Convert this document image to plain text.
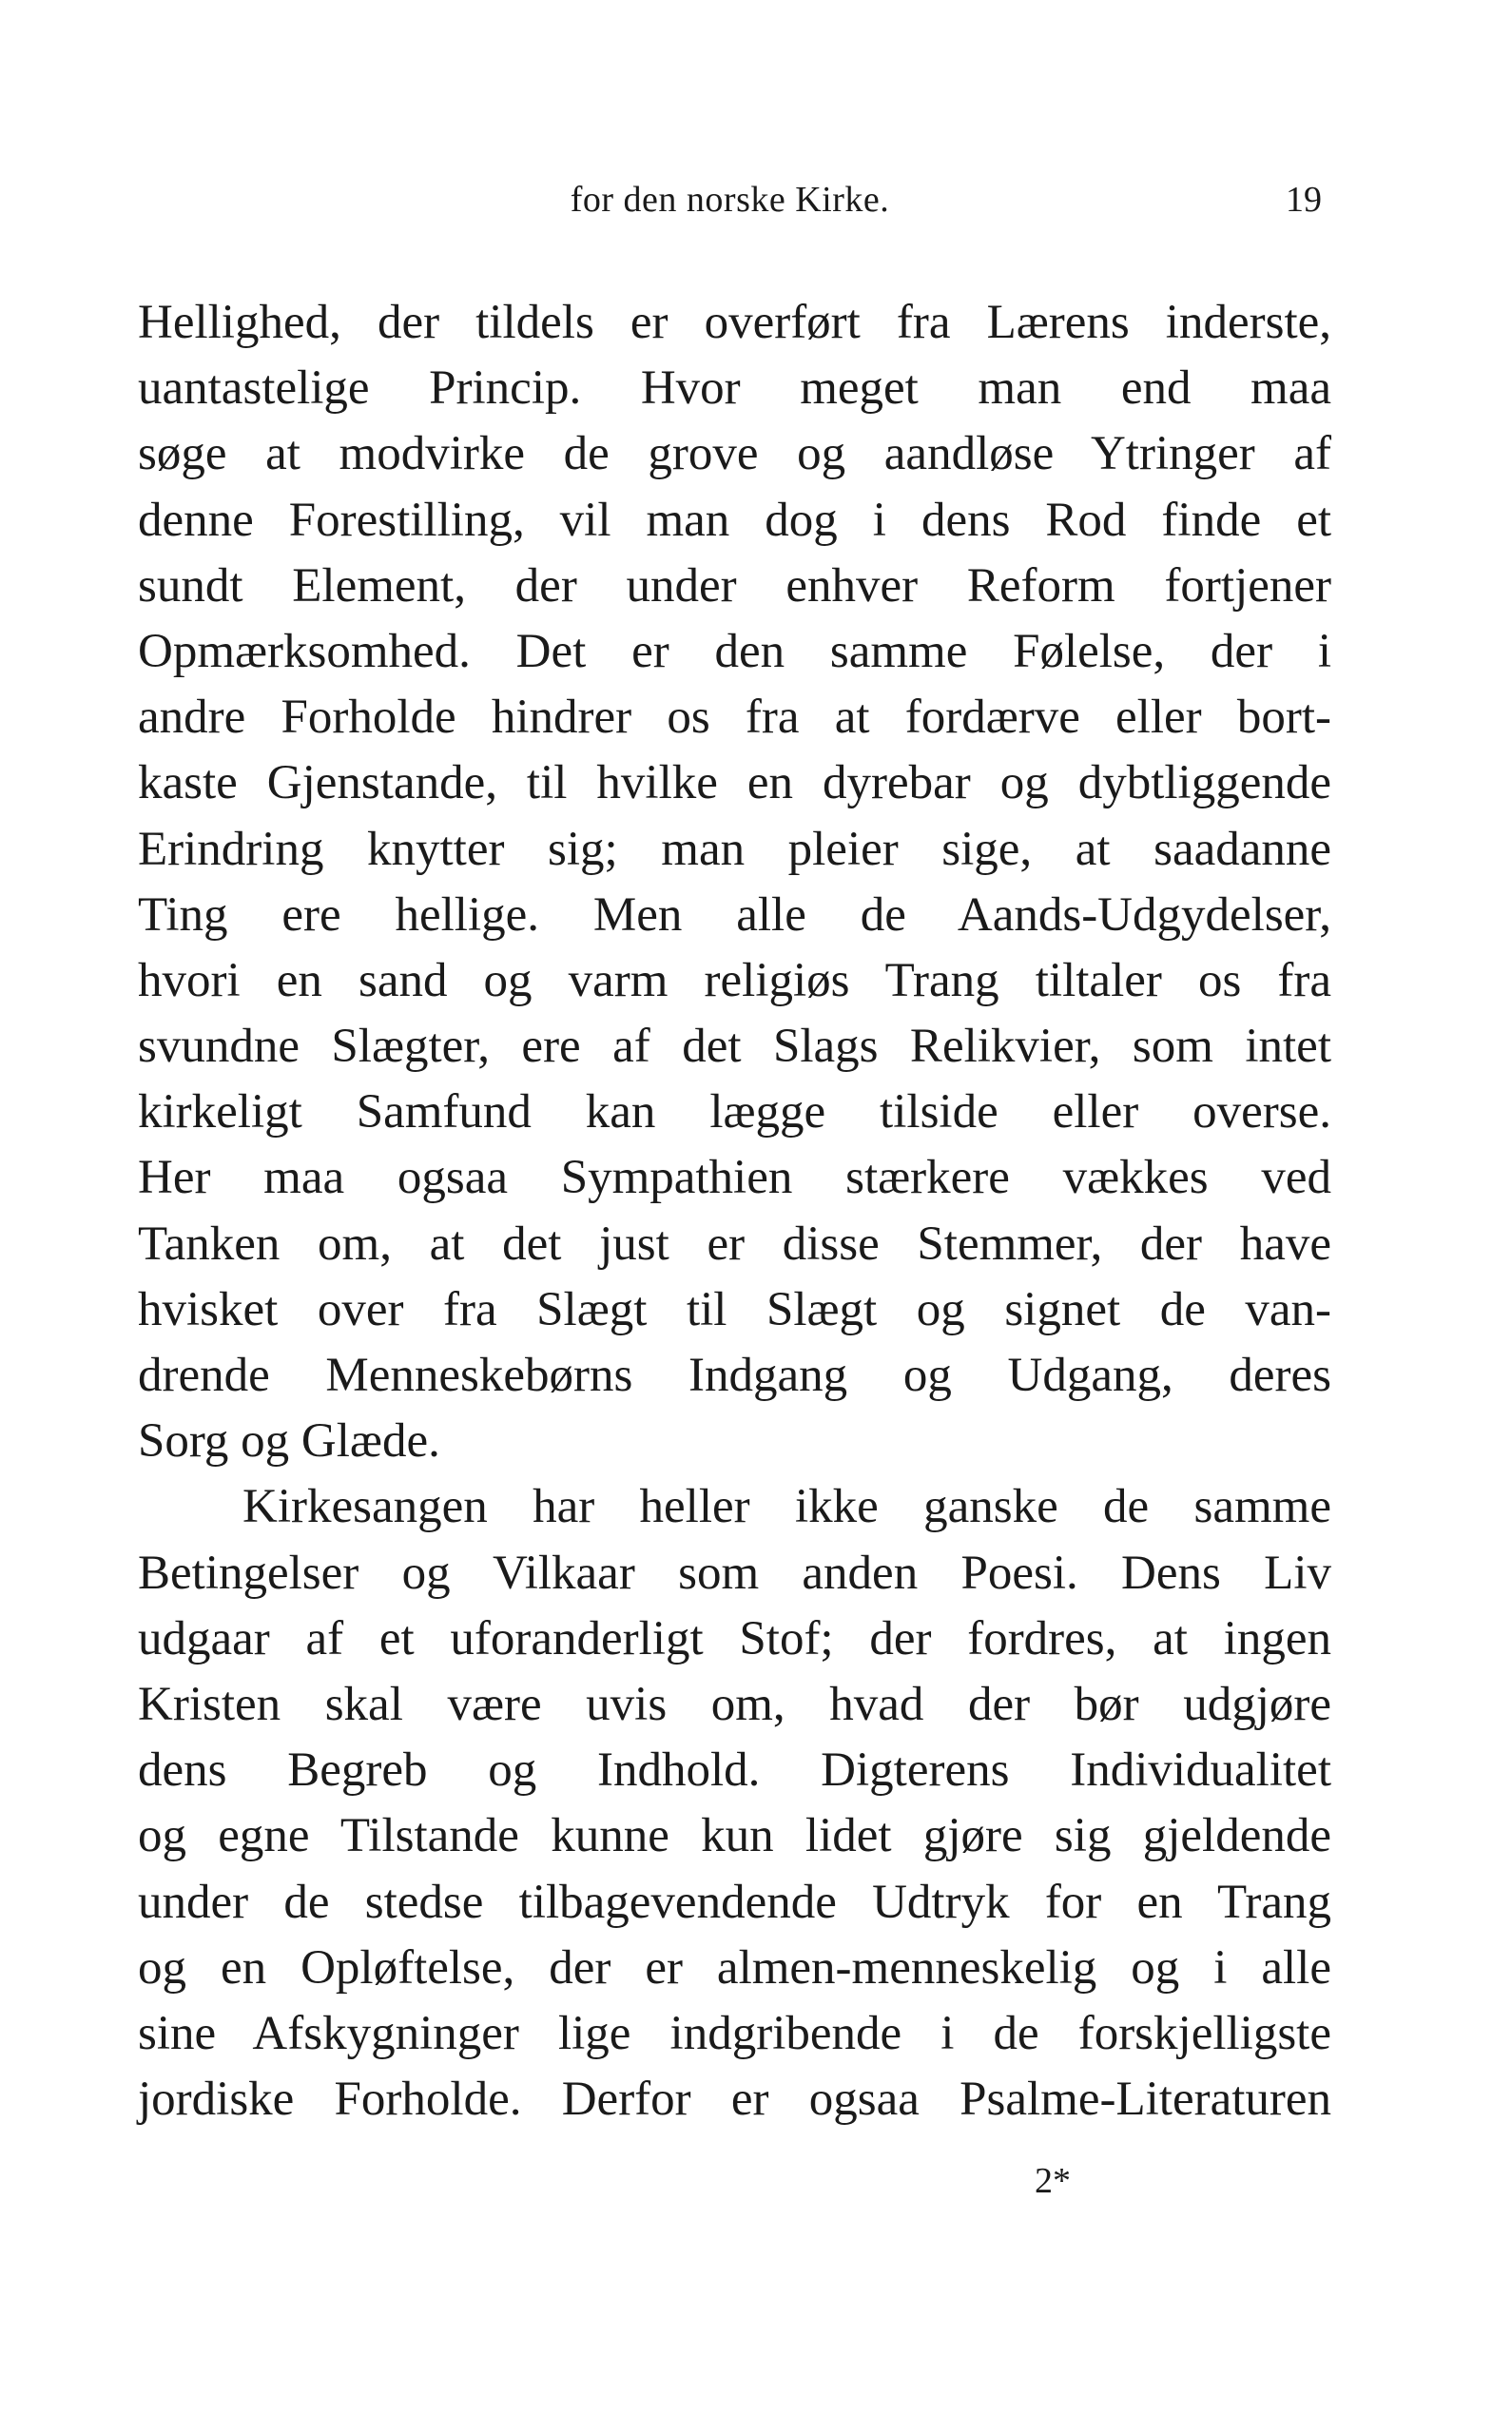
for den norske Kirke.	19
Hellighed, der tildels er overført fra Lærens inderste,
uantastelige Princip. Hvor meget man end maa
søge at modvirke de grove og aandløse Ytringer af
denne Forestilling, vil man dog i dens Rod finde et
sundt Element, der under enhver Reform fortjener
Opmærksomhed. Det er den samme Følelse, der i
andre Forholde hindrer os fra at fordærve eller bort-
kaste Gjenstande, til hvilke en dyrebar og dybtliggende
Erindring knytter sig; man pleier sige, at saadanne
Ting ere hellige. Men alle de Aands-Udgydelser,
hvori en sand og varm religiøs Trang tiltaler os fra
svundne Slægter, ere af det Slags Relikvier, som intet
kirkeligt Samfund kan lægge tilside eller overse.
Her maa ogsaa Sympathien stærkere vækkes ved
Tanken om, at det just er disse Stemmer, der have
hvisket over fra Slægt til Slægt og signet de van-
drende Menneskebørns Indgang og Udgang, deres
Sorg og Glæde.
Kirkesangen har heller ikke ganske de samme
Betingelser og Vilkaar som anden Poesi. Dens Liv
udgaar af et uforanderligt Stof; der fordres, at ingen
Kristen skal være uvis om, hvad der bør udgjøre
dens Begreb og Indhold. Digterens Individualitet
og egne Tilstande kunne kun lidet gjøre sig gjeldende
under de stedse tilbagevendende Udtryk for en Trang
og en Opløftelse, der er almen-menneskelig og i alle
sine Afskygninger lige indgribende i de forskjelligste
jordiske Forholde. Derfor er ogsaa Psalme-Literaturen
2*
